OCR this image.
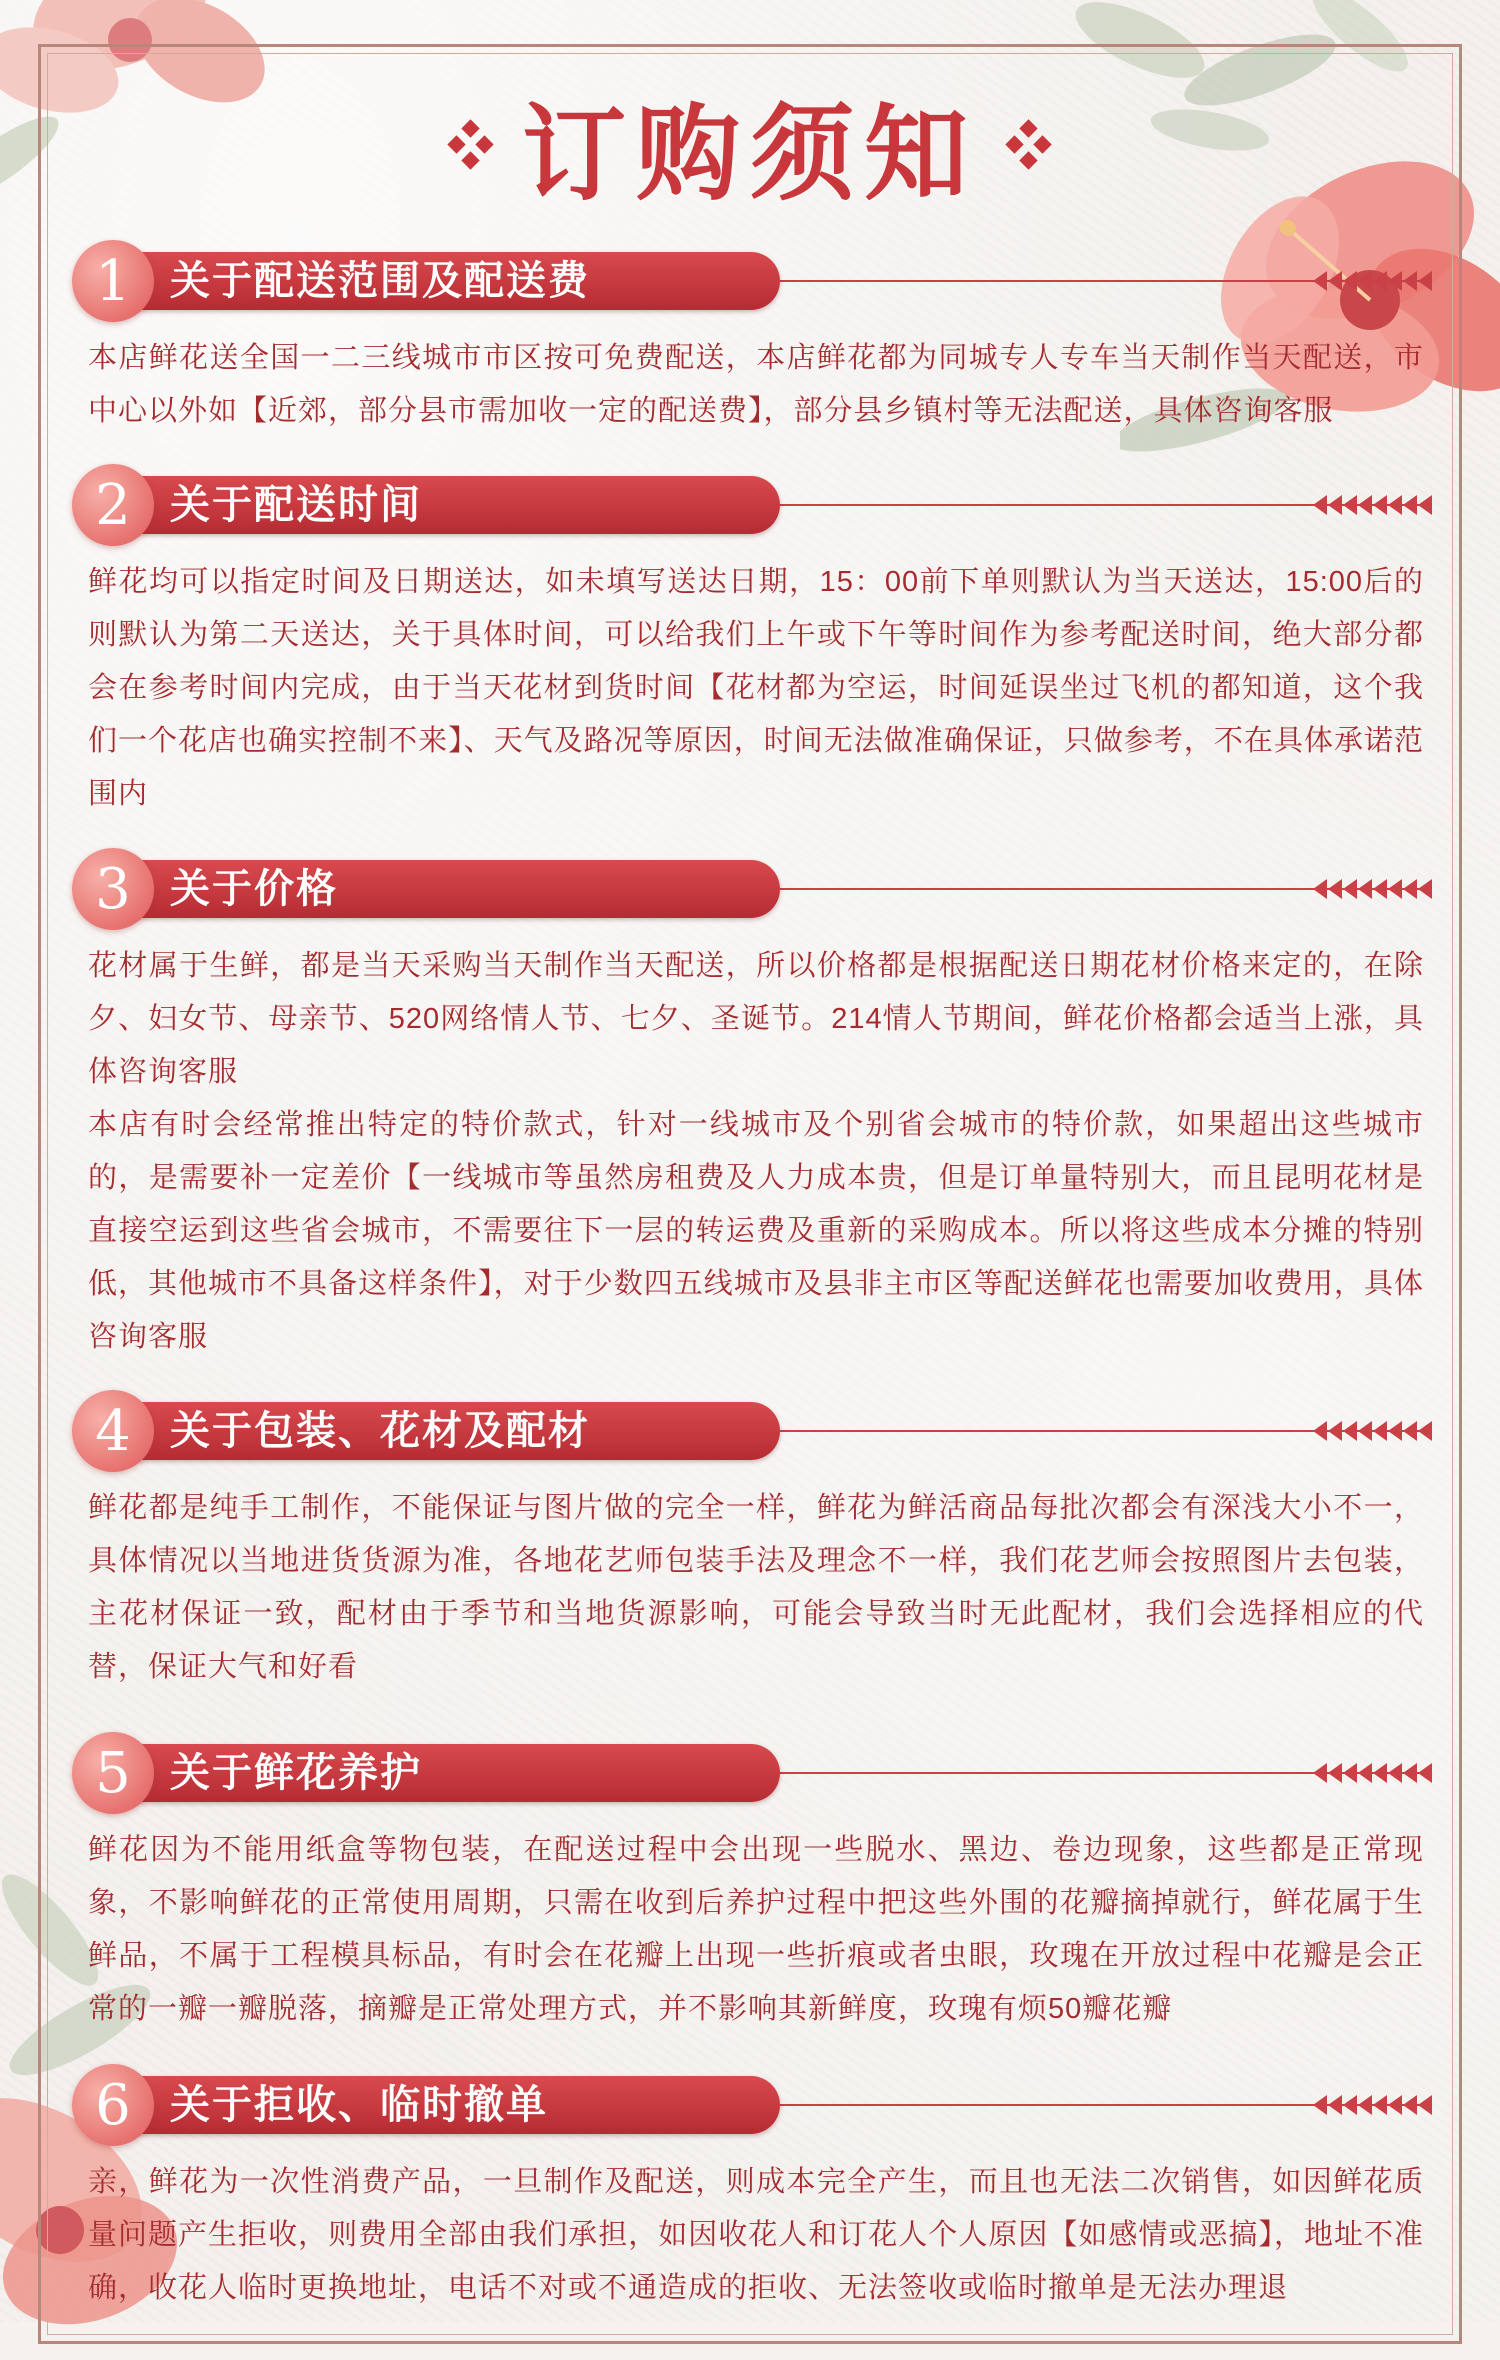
订购须知
1 关于配送范围及配送费

本店鲜花送全国一二三线城市市区按可免费配送，本店鲜花都为同城专人专车当天制作当天配送，市中心以外如【近郊，部分县市需加收一定的配送费】，部分县乡镇村等无法配送，具体咨询客服

2 关于配送时间

鲜花均可以指定时间及日期送达，如未填写送达日期，15：00前下单则默认为当天送达，15:00后的则默认为第二天送达，关于具体时间，可以给我们上午或下午等时间作为参考配送时间，绝大部分都会在参考时间内完成，由于当天花材到货时间【花材都为空运，时间延误坐过飞机的都知道，这个我们一个花店也确实控制不来】、天气及路况等原因，时间无法做准确保证，只做参考，不在具体承诺范围内

3 关于价格

花材属于生鲜，都是当天采购当天制作当天配送，所以价格都是根据配送日期花材价格来定的，在除夕、妇女节、母亲节、520网络情人节、七夕、圣诞节。214情人节期间，鲜花价格都会适当上涨，具体咨询客服

本店有时会经常推出特定的特价款式，针对一线城市及个别省会城市的特价款，如果超出这些城市的，是需要补一定差价【一线城市等虽然房租费及人力成本贵，但是订单量特别大，而且昆明花材是直接空运到这些省会城市，不需要往下一层的转运费及重新的采购成本。所以将这些成本分摊的特别低，其他城市不具备这样条件】，对于少数四五线城市及县非主市区等配送鲜花也需要加收费用，具体咨询客服

4 关于包装、花材及配材

鲜花都是纯手工制作，不能保证与图片做的完全一样，鲜花为鲜活商品每批次都会有深浅大小不一，具体情况以当地进货货源为准，各地花艺师包装手法及理念不一样，我们花艺师会按照图片去包装，主花材保证一致，配材由于季节和当地货源影响，可能会导致当时无此配材，我们会选择相应的代替，保证大气和好看

5 关于鲜花养护

鲜花因为不能用纸盒等物包装，在配送过程中会出现一些脱水、黑边、卷边现象，这些都是正常现象，不影响鲜花的正常使用周期，只需在收到后养护过程中把这些外围的花瓣摘掉就行，鲜花属于生鲜品，不属于工程模具标品，有时会在花瓣上出现一些折痕或者虫眼，玫瑰在开放过程中花瓣是会正常的一瓣一瓣脱落，摘瓣是正常处理方式，并不影响其新鲜度，玫瑰有烦50瓣花瓣

6 关于拒收、临时撤单

亲，鲜花为一次性消费产品，一旦制作及配送，则成本完全产生，而且也无法二次销售，如因鲜花质量问题产生拒收，则费用全部由我们承担，如因收花人和订花人个人原因【如感情或恶搞】，地址不准确，收花人临时更换地址，电话不对或不通造成的拒收、无法签收或临时撤单是无法办理退
